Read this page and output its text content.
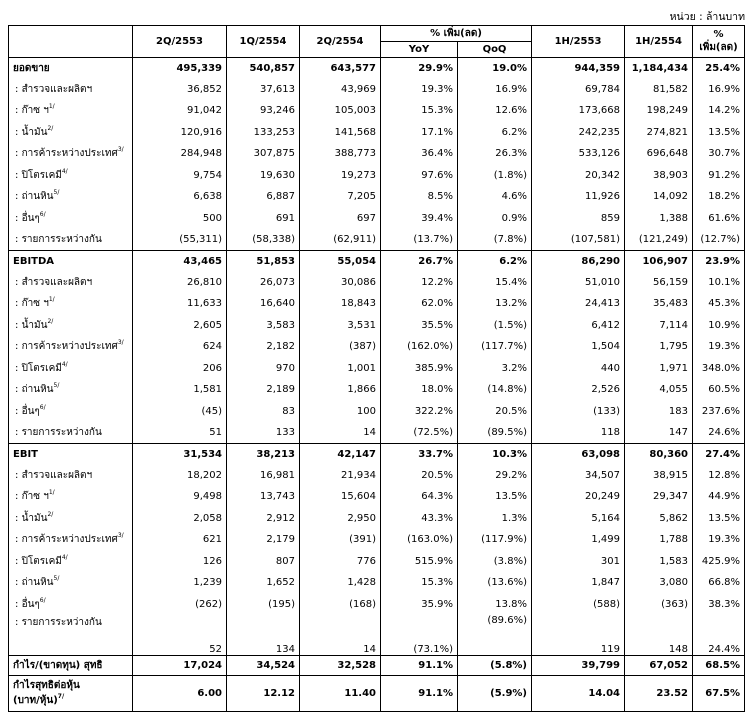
หน่วย : ล้านบาท
	2Q/2553	1Q/2554	2Q/2554	% เพิ่ม(ลด)		1H/2553	1H/2554	%
เพิ่ม(ลด)

				YoY	QoQ			
ยอดขาย	495,339	540,857	643,577	29.9%	19.0%	944,359	1,184,434	25.4%
: สำรวจและผลิตฯ	36,852	37,613	43,969	19.3%	16.9%	69,784	81,582	16.9%
: ก๊าซ ฯ$^{1/}$	91,042	93,246	105,003	15.3%	12.6%	173,668	198,249	14.2%
: น้ำมัน$^{2/}$	120,916	133,253	141,568	17.1%	6.2%	242,235	274,821	13.5%
: การค้าระหว่างประเทศ$^{3/}$	284,948	307,875	388,773	36.4%	26.3%	533,126	696,648	30.7%
: ปิโตรเคมี$^{4/}$	9,754	19,630	19,273	97.6%	(1.8%)	20,342	38,903	91.2%
: ถ่านหิน$^{5/}$	6,638	6,887	7,205	8.5%	4.6%	11,926	14,092	18.2%
: อื่นๆ$^{6/}$	500	691	697	39.4%	0.9%	859	1,388	61.6%
: รายการระหว่างกัน	(55,311)	(58,338)	(62,911)	(13.7%)	(7.8%)	(107,581)	(121,249)	(12.7%)
EBITDA	43,465	51,853	55,054	26.7%	6.2%	86,290	106,907	23.9%
: สำรวจและผลิตฯ	26,810	26,073	30,086	12.2%	15.4%	51,010	56,159	10.1%
: ก๊าซ ฯ$^{1/}$	11,633	16,640	18,843	62.0%	13.2%	24,413	35,483	45.3%
: น้ำมัน$^{2/}$	2,605	3,583	3,531	35.5%	(1.5%)	6,412	7,114	10.9%
: การค้าระหว่างประเทศ$^{3/}$	624	2,182	(387)	(162.0%)	(117.7%)	1,504	1,795	19.3%
: ปิโตรเคมี$^{4/}$	206	970	1,001	385.9%	3.2%	440	1,971	348.0%
: ถ่านหิน$^{5/}$	1,581	2,189	1,866	18.0%	(14.8%)	2,526	4,055	60.5%
: อื่นๆ$^{6/}$	(45)	83	100	322.2%	20.5%	(133)	183	237.6%
: รายการระหว่างกัน	51	133	14	(72.5%)	(89.5%)	118	147	24.6%
EBIT	31,534	38,213	42,147	33.7%	10.3%	63,098	80,360	27.4%
: สำรวจและผลิตฯ	18,202	16,981	21,934	20.5%	29.2%	34,507	38,915	12.8%
: ก๊าซ ฯ$^{1/}$	9,498	13,743	15,604	64.3%	13.5%	20,249	29,347	44.9%
: น้ำมัน$^{2/}$	2,058	2,912	2,950	43.3%	1.3%	5,164	5,862	13.5%
: การค้าระหว่างประเทศ$^{3/}$	621	2,179	(391)	(163.0%)	(117.9%)	1,499	1,788	19.3%
: ปิโตรเคมี$^{4/}$	126	807	776	515.9%	(3.8%)	301	1,583	425.9%
: ถ่านหิน$^{5/}$	1,239	1,652	1,428	15.3%	(13.6%)	1,847	3,080	66.8%
: อื่นๆ$^{6/}$	(262)	(195)	(168)	35.9%	13.8%	(588)	(363)	38.3%
: รายการระหว่างกัน	52	134	14	(73.1%)	(89.6%)	119	148	24.4%
กำไร/(ขาดทุน) สุทธิ	17,024	34,524	32,528	91.1%	(5.8%)	39,799	67,052	68.5%

กำไรสุทธิต่อหุ้น
(บาท/หุ้น)$^{7/}$	6.00	12.12	11.40	91.1%	(5.9%)	14.04	23.52	67.5%
